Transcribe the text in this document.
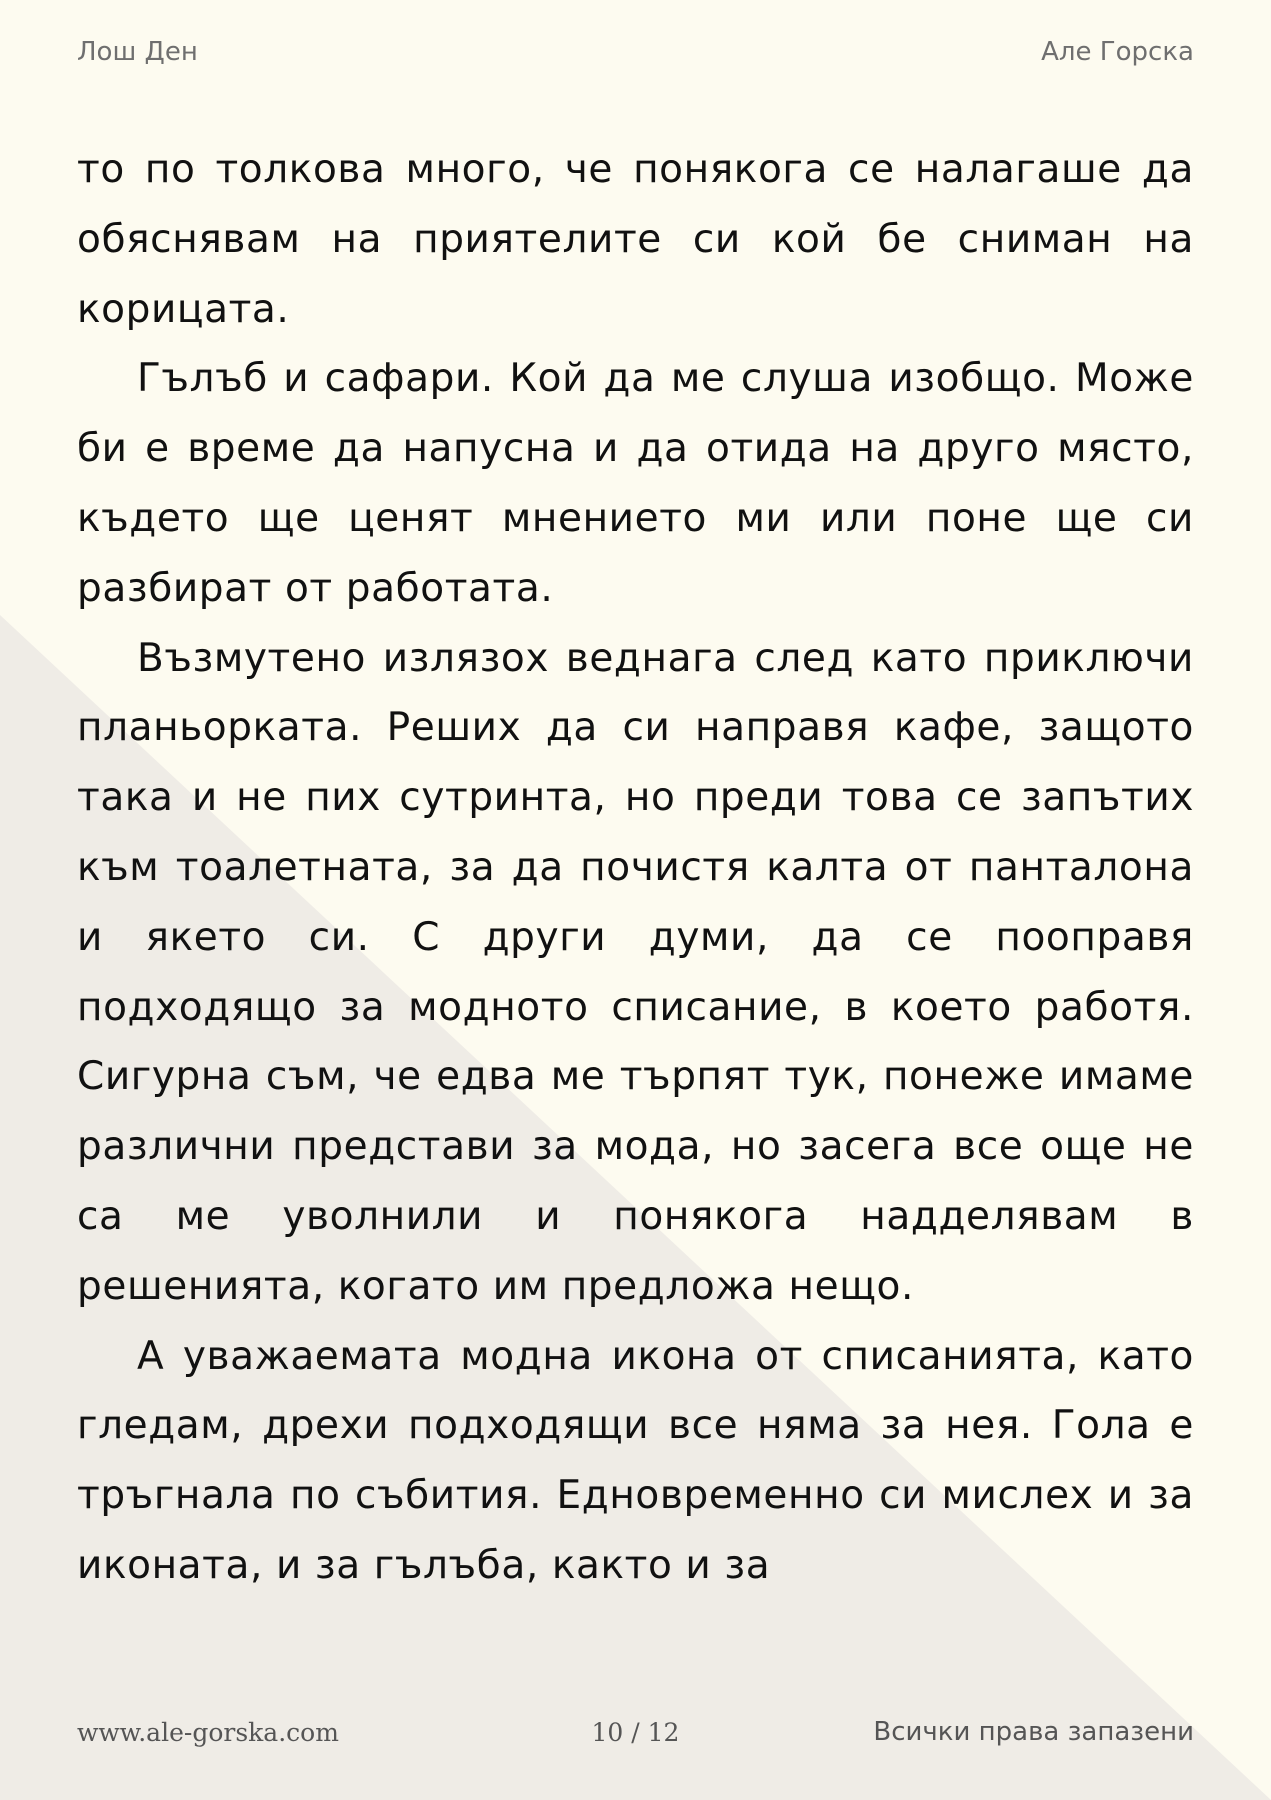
Лош Ден	Але Горска

то по толкова много, че понякога се налагаше да обяснявам на приятелите си кой бе сниман на корицата.

Гълъб и сафари. Кой да ме слуша изобщо. Може би е време да напусна и да отида на друго място, където ще ценят мнението ми или поне ще си разбират от работата.

Възмутено излязох веднага след като приключи планьорката. Реших да си направя кафе, защото така и не пих сутринта, но преди това се запътих към тоалетната, за да почистя калта от панталона и якето си. С други думи, да се пооправя подходящо за модното списание, в което работя. Сигурна съм, че едва ме търпят тук, понеже имаме различни представи за мода, но засега все още не са ме уволнили и понякога надделявам в решенията, когато им предложа нещо.

А уважаемата модна икона от списанията, като гледам, дрехи подходящи все няма за нея. Гола е тръгнала по събития. Едновременно си мислех и за иконата, и за гълъба, както и за

www.ale-gorska.com	10 / 12	Всички права запазени
